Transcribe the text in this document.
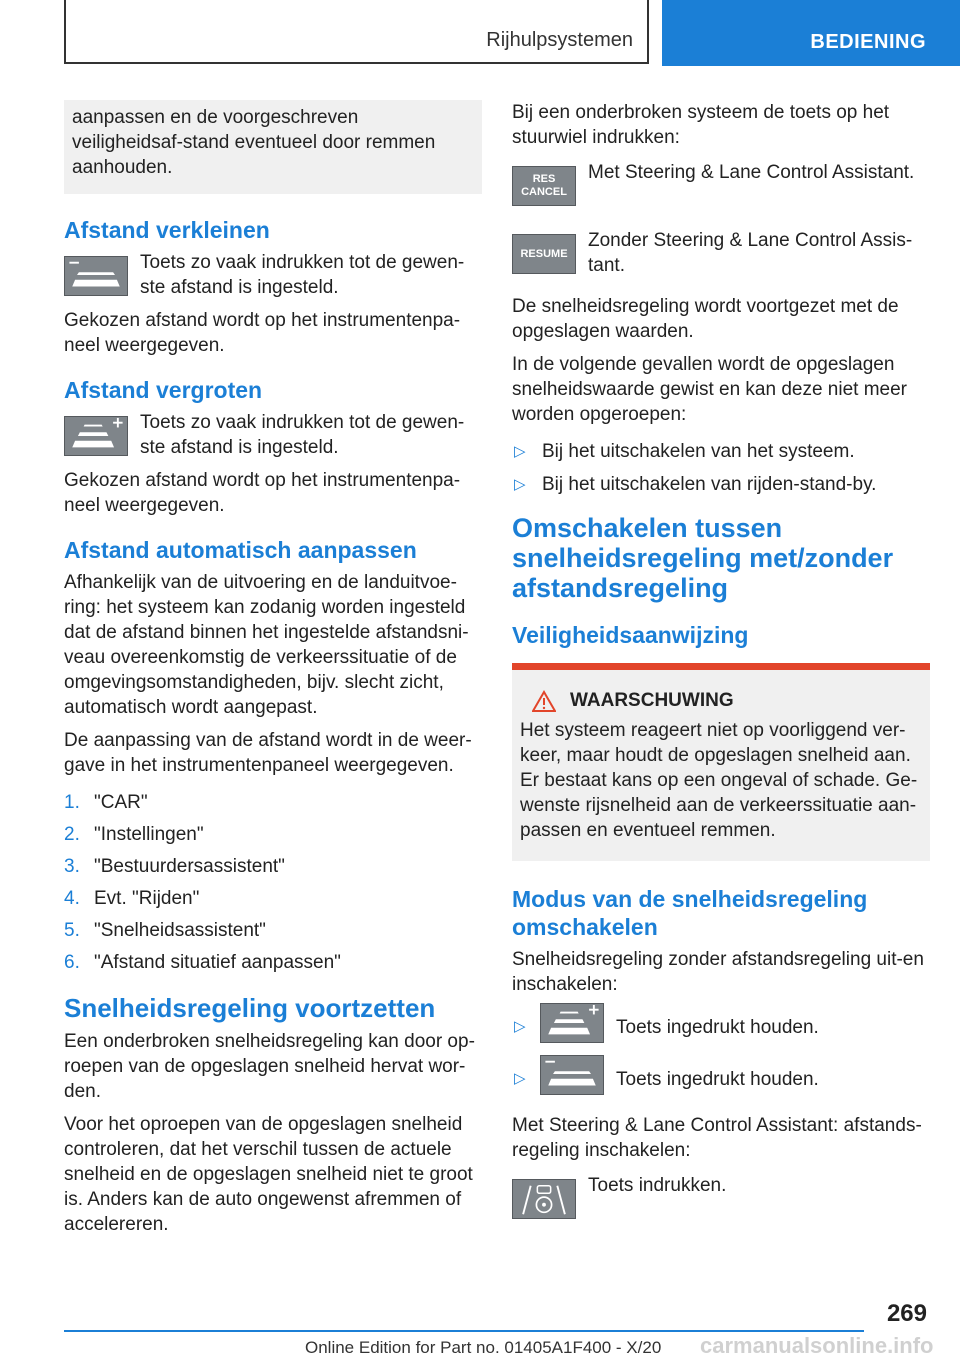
Rijhulpsystemen	BEDIENING

aanpassen en de voorgeschreven veiligheidsaf-stand eventueel door remmen aanhouden.

Afstand verkleinen

Toets zo vaak indrukken tot de gewen-ste afstand is ingesteld.

Gekozen afstand wordt op het instrumentenpa-neel weergegeven.

Afstand vergroten

Toets zo vaak indrukken tot de gewen-ste afstand is ingesteld.

Gekozen afstand wordt op het instrumentenpa-neel weergegeven.

Afstand automatisch aanpassen

Afhankelijk van de uitvoering en de landuitvoe-ring: het systeem kan zodanig worden ingesteld dat de afstand binnen het ingestelde afstandsni-veau overeenkomstig de verkeerssituatie of de omgevingsomstandigheden, bijv. slecht zicht, automatisch wordt aangepast.

De aanpassing van de afstand wordt in de weer-gave in het instrumentenpaneel weergegeven.

1. "CAR"
2. "Instellingen"
3. "Bestuurdersassistent"
4. Evt. "Rijden"
5. "Snelheidsassistent"
6. "Afstand situatief aanpassen"
Snelheidsregeling voortzetten

Een onderbroken snelheidsregeling kan door op-roepen van de opgeslagen snelheid hervat wor-den.

Voor het oproepen van de opgeslagen snelheid controleren, dat het verschil tussen de actuele snelheid en de opgeslagen snelheid niet te groot is. Anders kan de auto ongewenst afremmen of accelereren.

Bij een onderbroken systeem de toets op het stuurwiel indrukken:

RES
CANCEL

Met Steering & Lane Control Assistant.

RESUME

Zonder Steering & Lane Control Assis-tant.

De snelheidsregeling wordt voortgezet met de opgeslagen waarden.

In de volgende gevallen wordt de opgeslagen snelheidswaarde gewist en kan deze niet meer worden opgeroepen:

▷ Bij het uitschakelen van het systeem.
▷ Bij het uitschakelen van rijden-stand-by.
Omschakelen tussen snelheidsregeling met/zonder afstandsregeling
Veiligheidsaanwijzing
WAARSCHUWING

Het systeem reageert niet op voorliggend ver-keer, maar houdt de opgeslagen snelheid aan. Er bestaat kans op een ongeval of schade. Ge-wenste rijsnelheid aan de verkeerssituatie aan-passen en eventueel remmen.

Modus van de snelheidsregeling omschakelen

Snelheidsregeling zonder afstandsregeling uit-en inschakelen:

▷	Toets ingedrukt houden.
▷	Toets ingedrukt houden.

Met Steering & Lane Control Assistant: afstands-regeling inschakelen:

Toets indrukken.

269
Online Edition for Part no. 01405A1F400 - X/20 carmanualsonline.info
